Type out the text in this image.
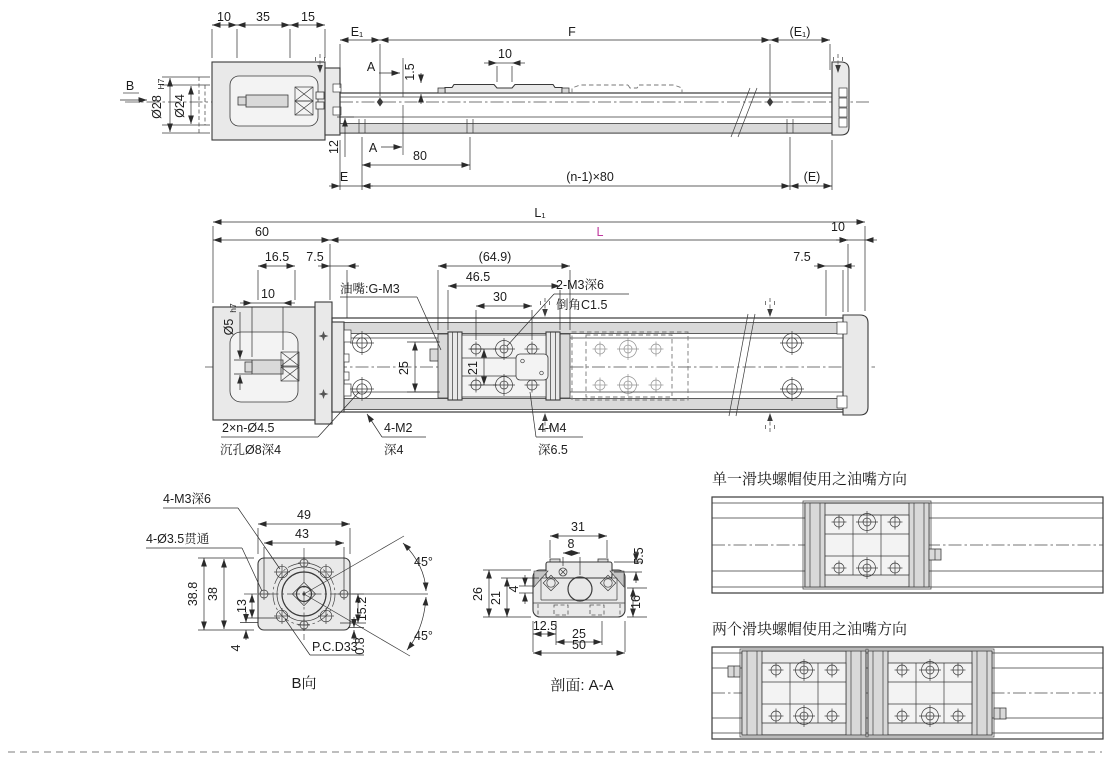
10 35 15
E₁	F	(E₁)
A
A
1.5
10
B
Ø28
H7
Ø24
12
80
E	(n-1)×80	(E)
L₁
60	L	10
16.5 7.5	(64.9)
46.5
30
7.5
油嘴:G-M3	2-M3深6
倒角C1.5
Ø5
h7
10
25	21
2×n-Ø4.5
沉孔Ø8深4
4-M2
深4
4-M4
深6.5
4-M3深6
4-Ø3.5贯通
49
43
45°
45°
38.8 38
13
4	P.C.D33
15.2
0.8
B向
31
8
5.5
26 21
4
16
12.5
25
50
剖面: A-A
单一滑块螺帽使用之油嘴方向
两个滑块螺帽使用之油嘴方向
